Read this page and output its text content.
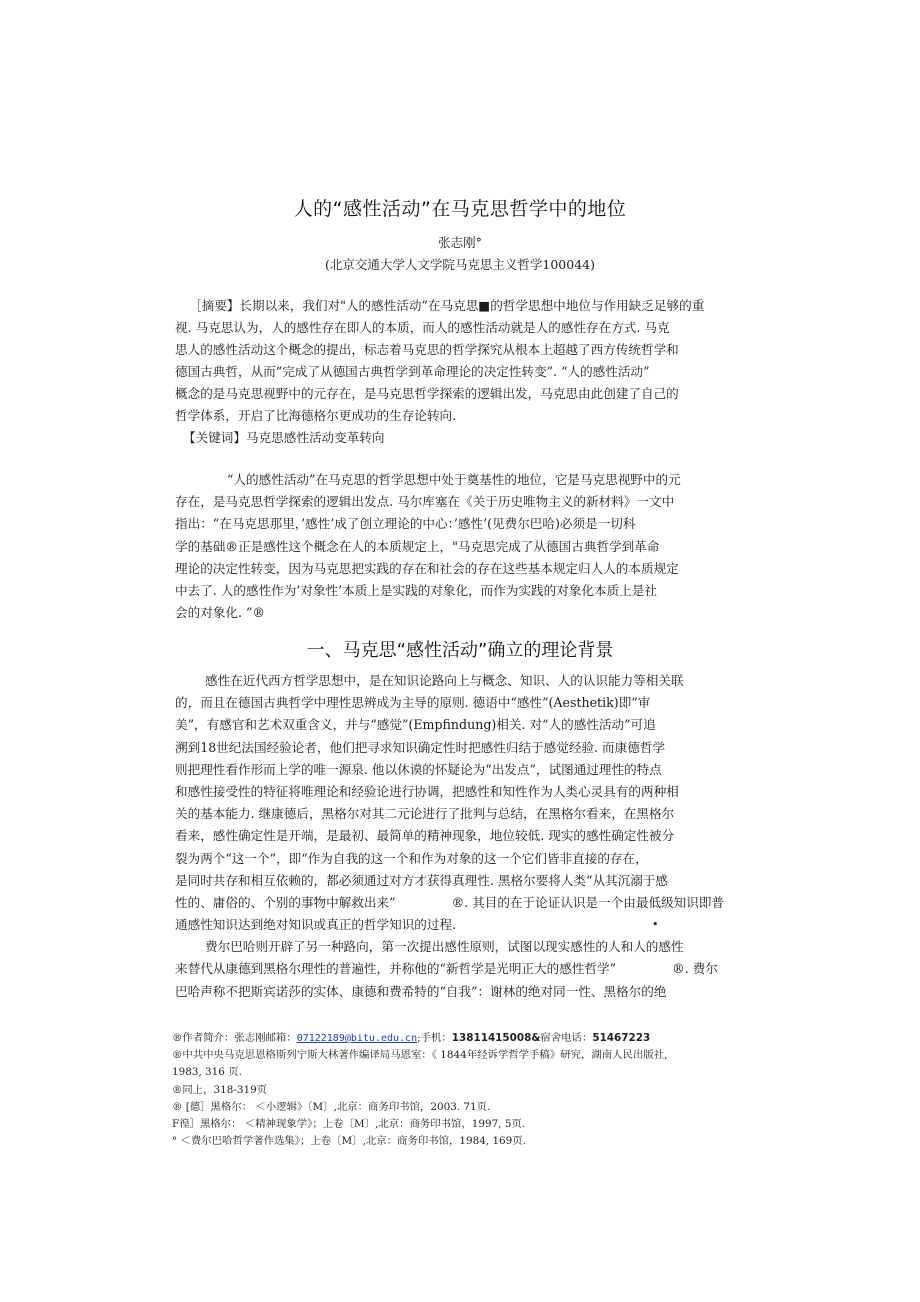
人的“感性活动”在马克思哲学中的地位
张志刚°
(北京交通大学人文学院马克思主义哲学100044)
［摘要】长期以来，我们对"人的感性活动”在马克思■的哲学思想中地位与作用缺乏足够的重
视. 马克思认为，人的感性存在即人的本质，而人的感性活动就是人的感性存在方式. 马克
思人的感性活动这个概念的提出，标志着马克思的哲学探究从根本上超越了西方传统哲学和
德国古典哲，从而“完成了从德国古典哲学到革命理论的决定性转变”. “人的感性活动”
概念的是马克思视野中的元存在，是马克思哲学探索的逻辑出发，马克思由此创建了自己的
哲学体系，开启了比海德格尔更成功的生存论转向.
【关键词】马克思感性活动变革转向
“人的感性活动”在马克思的哲学思想中处于奠基性的地位，它是马克思视野中的元
存在，是马克思哲学探索的逻辑出发点. 马尔库塞在《关于历史唯物主义的新材料》一文中
指出：“在马克思那里，’感性’成了创立理论的中心：’感性’(见费尔巴哈)必须是一切科
学的基础®正是感性这个概念在人的本质规定上，"马克思完成了从德国古典哲学到革命
理论的决定性转变，因为马克思把实践的存在和社会的存在这些基本规定归人人的本质规定
中去了. 人的感性作为’对象性’本质上是实践的对象化，而作为实践的对象化本质上是社
会的对象化. ”®
一、马克思“感性活动”确立的理论背景
感性在近代西方哲学思想中，是在知识论路向上与概念、知识、人的认识能力等相关联
的，而且在德国古典哲学中理性思辨成为主导的原则. 德语中“感性”(Aesthetik)即“审
美”，有感官和艺术双重含义，并与“感觉”(Empfindung)相关. 对“人的感性活动”可追
溯到18世纪法国经验论者，他们把寻求知识确定性时把感性归结于感觉经验. 而康德哲学
则把理性看作形而上学的唯一源泉. 他以休谟的怀疑论为“出发点”，试图通过理性的特点
和感性接受性的特征将唯理论和经验论进行协调，把感性和知性作为人类心灵具有的两种相
关的基本能力. 继康德后，黑格尔对其二元论进行了批判与总结，在黑格尔看来，在黑格尔
看来，感性确定性是开端，是最初、最简单的精神现象，地位较低. 现实的感性确定性被分
裂为两个“这一个”，即“作为自我的这一个和作为对象的这一个它们皆非直接的存在，
是同时共存和相互依赖的，都必须通过对方才获得真理性. 黑格尔要将人类“从其沉溺于感
性的、庸俗的、个别的事物中解救出来”              ®. 其目的在于论证认识是一个由最低级知识即普
通感性知识达到绝对知识或真正的哲学知识的过程.
费尔巴哈则开辟了另一种路向，第一次提出感性原则，试图以现实感性的人和人的感性
来替代从康德到黑格尔理性的普遍性，并称他的“新哲学是光明正大的感性哲学”              ®. 费尔
巴哈声称不把斯宾诺莎的实体、康德和费希特的“自我”：谢林的绝对同一性、黑格尔的绝
•
®作者简介：张志刚邮箱：07122189@bitu.edu.cn;手机：13811415008&宿舍电话：51467223
®中共中央马克思恩格斯列宁斯大林著作编译局马恩室：《 1844年经诉学哲学手稿》研究，湖南人民出版社,
1983, 316 页.
®同上，318-319页
® [德］黑格尔： ＜小逻辑》〔M〕,北京：商务印书馆，2003. 71页.
F徨］黑格尔： ＜精神现象学》；上卷〔M〕,北京：商务印书馆，1997, 5页.
° ＜费尔巴哈哲学著作选集》；上卷〔M〕,北京：商务印书馆，1984, 169页.
